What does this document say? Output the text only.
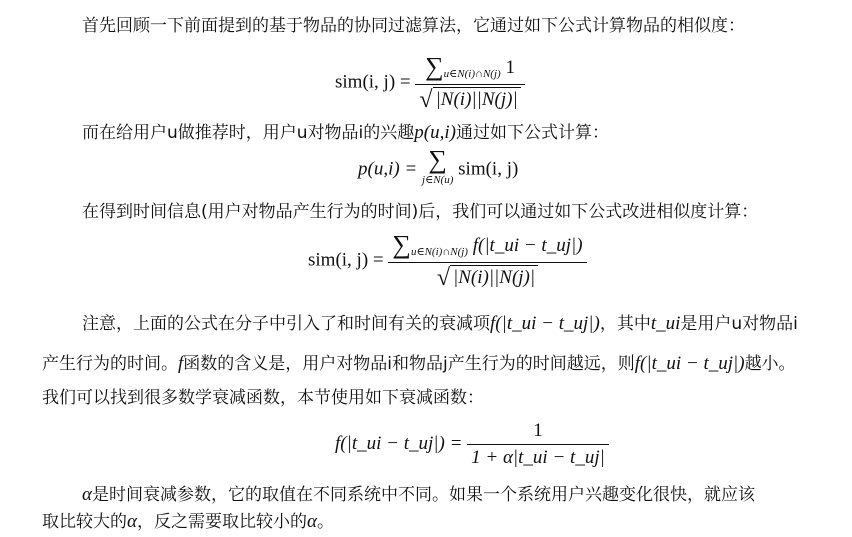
首先回顾一下前面提到的基于物品的协同过滤算法，它通过如下公式计算物品的相似度：
sim(i, $j) = \frac{\sum_{u\in N(i)\cap N(j)} 1}{√ |N(i)||N(j)|}$
而在给用户u做推荐时，用户u对物品i的兴趣p(u,i)通过如下公式计算：
p(u,i) = ∑
j∈N(u)
sim(i, j)
在得到时间信息(用户对物品产生行为的时间)后，我们可以通过如下公式改进相似度计算：
sim(i, $j) = \frac{\sum_{u\in N(i)\cap N(j)} f(|t\_ui - t\_uj|)}{√ |N(i)||N(j)|}$
注意，上面的公式在分子中引入了和时间有关的衰减项f(|t_ui − t_uj|)，其中t_ui是用户u对物品i
产生行为的时间。f函数的含义是，用户对物品i和物品j产生行为的时间越远，则f(|t_ui − t_uj|)越小。
我们可以找到很多数学衰减函数，本节使用如下衰减函数：
f(|t_ui − t_uj|) = $\frac{1}{1 + \alpha|t\_ui - t\_uj|}$
α是时间衰减参数，它的取值在不同系统中不同。如果一个系统用户兴趣变化很快，就应该
取比较大的α，反之需要取比较小的α。
